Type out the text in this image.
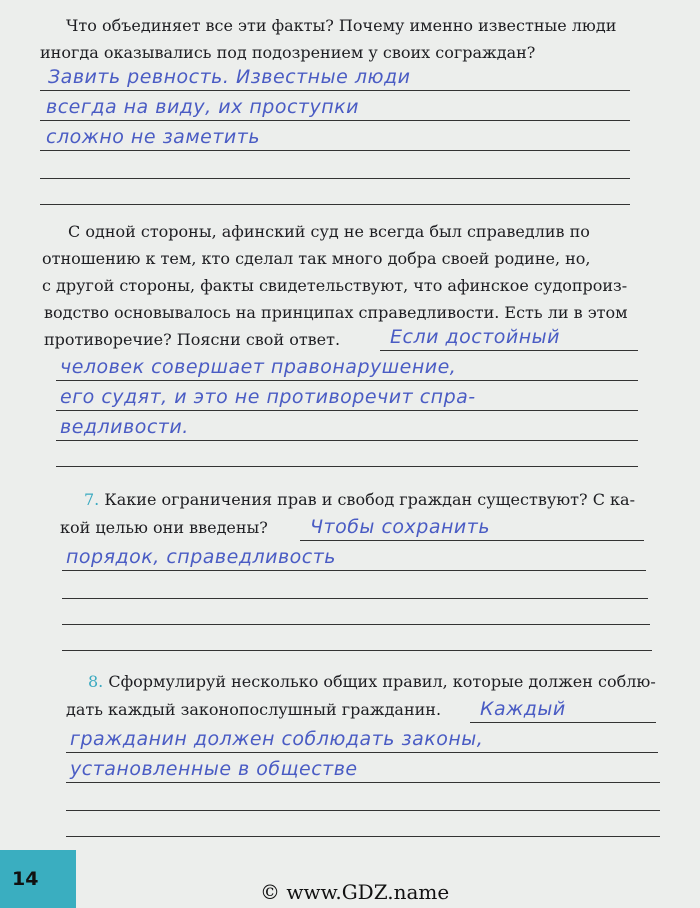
Что объединяет все эти факты? Почему именно известные люди
иногда оказывались под подозрением у своих сограждан?
Завить ревность. Известные люди
всегда на виду, их проступки
сложно не заметить
С одной стороны, афинский суд не всегда был справедлив по
отношению к тем, кто сделал так много добра своей родине, но,
с другой стороны, факты свидетельствуют, что афинское судопроиз-
водство основывалось на принципах справедливости. Есть ли в этом
противоречие? Поясни свой ответ.	Если достойный
человек совершает правонарушение,
его судят, и это не противоречит спра-
ведливости.
7. Какие ограничения прав и свобод граждан существуют? С ка-
кой целью они введены? Чтобы сохранить
порядок, справедливость
8. Сформулируй несколько общих правил, которые должен соблю-
дать каждый законопослушный гражданин. Каждый
гражданин должен соблюдать законы,
установленные в обществе
14
© www.GDZ.name
